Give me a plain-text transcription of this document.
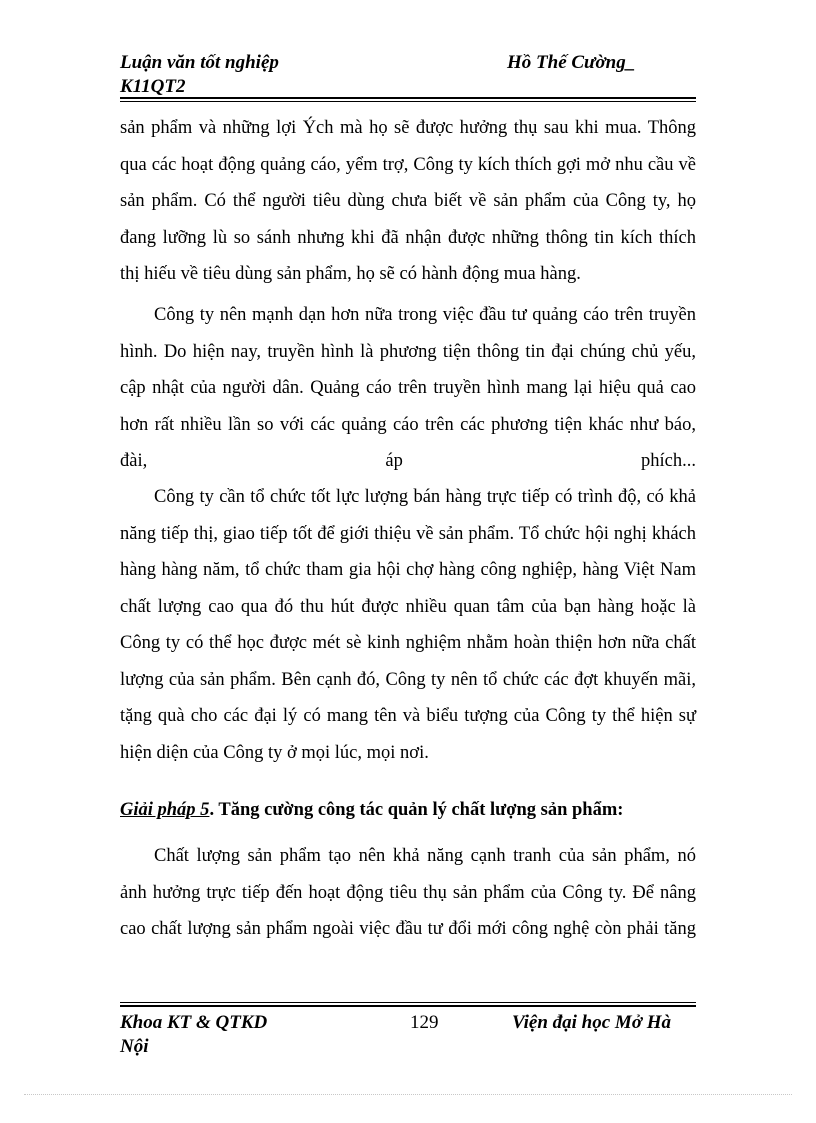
Luận văn tốt nghiệp	Hồ Thế Cường_
K11QT2
sản phẩm và những lợi Ých mà họ sẽ được hưởng thụ sau khi mua. Thông
qua các hoạt động quảng cáo, yểm trợ, Công ty kích thích gợi mở nhu cầu về
sản phẩm. Có thể người tiêu dùng chưa biết về sản phẩm của Công ty, họ
đang lưỡng lù so sánh nhưng khi đã nhận được những thông tin kích thích
thị hiếu về tiêu dùng sản phẩm, họ sẽ có hành động mua hàng.
Công ty nên mạnh dạn hơn nữa trong việc đầu tư quảng cáo trên truyền
hình. Do hiện nay, truyền hình là phương tiện thông tin đại chúng chủ yếu,
cập nhật của người dân. Quảng cáo trên truyền hình mang lại hiệu quả cao
hơn rất nhiều lần so với các quảng cáo trên các phương tiện khác như báo,
đài, áp phích...
Công ty cần tổ chức tốt lực lượng bán hàng trực tiếp có trình độ, có khả
năng tiếp thị, giao tiếp tốt để giới thiệu về sản phẩm. Tổ chức hội nghị khách
hàng hàng năm, tổ chức tham gia hội chợ hàng công nghiệp, hàng Việt Nam
chất lượng cao qua đó thu hút được nhiều quan tâm của bạn hàng hoặc là
Công ty có thể học được mét sè kinh nghiệm nhằm hoàn thiện hơn nữa chất
lượng của sản phẩm. Bên cạnh đó, Công ty nên tổ chức các đợt khuyến mãi,
tặng quà cho các đại lý có mang tên và biểu tượng của Công ty thể hiện sự
hiện diện của Công ty ở mọi lúc, mọi nơi.
Giải pháp 5. Tăng cường công tác quản lý chất lượng sản phẩm:
Chất lượng sản phẩm tạo nên khả năng cạnh tranh của sản phẩm, nó
ảnh hưởng trực tiếp đến hoạt động tiêu thụ sản phẩm của Công ty. Để nâng
cao chất lượng sản phẩm ngoài việc đầu tư đổi mới công nghệ còn phải tăng
Khoa KT & QTKD	129	Viện đại học Mở Hà
Nội
